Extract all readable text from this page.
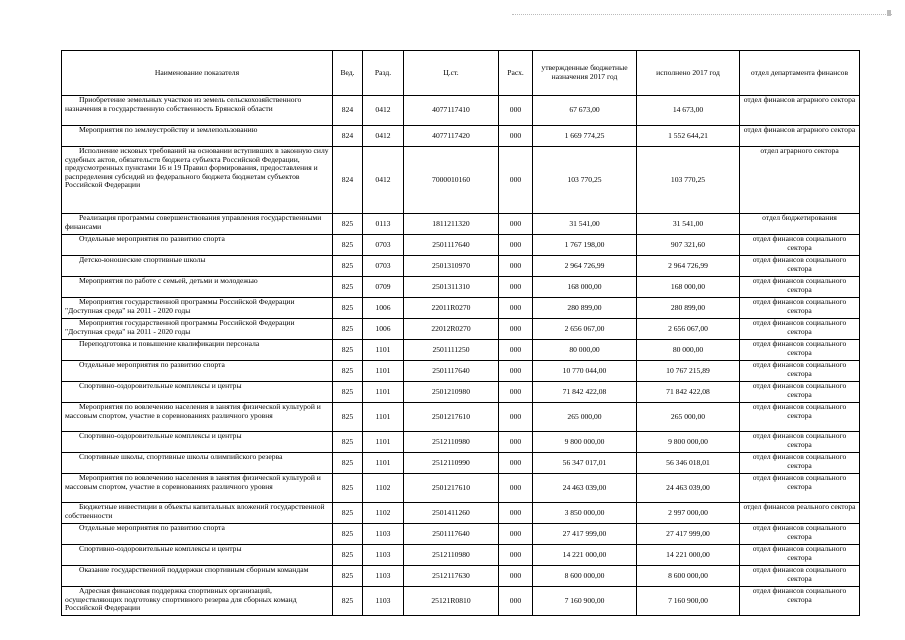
Наименование показателя	Вед.	Разд.	Ц.ст.	Расх.	утвержденные бюджетные назначения 2017 год	исполнено 2017 год	отдел департамента финансов
Приобретение земельных участков из земель сельскохозяйственного назначения в государственную собственность Брянской области	824	0412	4077117410	000	67 673,00	14 673,00	отдел финансов аграрного сектора
Мероприятия по землеустройству и землепользованию	824	0412	4077117420	000	1 669 774,25	1 552 644,21	отдел финансов аграрного сектора
Исполнение исковых требований на основании вступивших в законную силу судебных актов, обязательств бюджета субъекта Российской Федерации, предусмотренных пунктами 16 и 19 Правил формирования, предоставления и распределения субсидий из федерального бюджета бюджетам субъектов Российской Федерации	824	0412	7000010160	000	103 770,25	103 770,25	отдел аграрного сектора
Реализация программы совершенствования управления государственными финансами	825	0113	1811211320	000	31 541,00	31 541,00	отдел бюджетирования
Отдельные мероприятия по развитию спорта	825	0703	2501117640	000	1 767 198,00	907 321,60	отдел финансов социального сектора
Детско-юношеские спортивные школы	825	0703	2501310970	000	2 964 726,99	2 964 726,99	отдел финансов социального сектора
Мероприятия по работе с семьей, детьми и молодежью	825	0709	2501311310	000	168 000,00	168 000,00	отдел финансов социального сектора
Мероприятия государственной программы Российской Федерации "Доступная среда" на 2011 - 2020 годы	825	1006	22011R0270	000	280 899,00	280 899,00	отдел финансов социального сектора
Мероприятия государственной программы Российской Федерации "Доступная среда" на 2011 - 2020 годы	825	1006	22012R0270	000	2 656 067,00	2 656 067,00	отдел финансов социального сектора
Переподготовка и повышение квалификации персонала	825	1101	2501111250	000	80 000,00	80 000,00	отдел финансов социального сектора
Отдельные мероприятия по развитию спорта	825	1101	2501117640	000	10 770 044,00	10 767 215,89	отдел финансов социального сектора
Спортивно-оздоровительные комплексы и центры	825	1101	2501210980	000	71 842 422,08	71 842 422,08	отдел финансов социального сектора
Мероприятия по вовлечению населения в занятия физической культурой и массовым спортом, участие в соревнованиях различного уровня	825	1101	2501217610	000	265 000,00	265 000,00	отдел финансов социального сектора
Спортивно-оздоровительные комплексы и центры	825	1101	2512110980	000	9 800 000,00	9 800 000,00	отдел финансов социального сектора
Спортивные школы, спортивные школы олимпийского резерва	825	1101	2512110990	000	56 347 017,01	56 346 018,01	отдел финансов социального сектора
Мероприятия по вовлечению населения в занятия физической культурой и массовым спортом, участие в соревнованиях различного уровня	825	1102	2501217610	000	24 463 039,00	24 463 039,00	отдел финансов социального сектора
Бюджетные инвестиции в объекты капитальных вложений государственной собственности	825	1102	2501411260	000	3 850 000,00	2 997 000,00	отдел финансов реального сектора
Отдельные мероприятия по развитию спорта	825	1103	2501117640	000	27 417 999,00	27 417 999,00	отдел финансов социального сектора
Спортивно-оздоровительные комплексы и центры	825	1103	2512110980	000	14 221 000,00	14 221 000,00	отдел финансов социального сектора
Оказание государственной поддержки спортивным сборным командам	825	1103	2512117630	000	8 600 000,00	8 600 000,00	отдел финансов социального сектора
Адресная финансовая поддержка спортивных организаций, осуществляющих подготовку спортивного резерва для сборных команд Российской Федерации	825	1103	25121R0810	000	7 160 900,00	7 160 900,00	отдел финансов социального сектора
